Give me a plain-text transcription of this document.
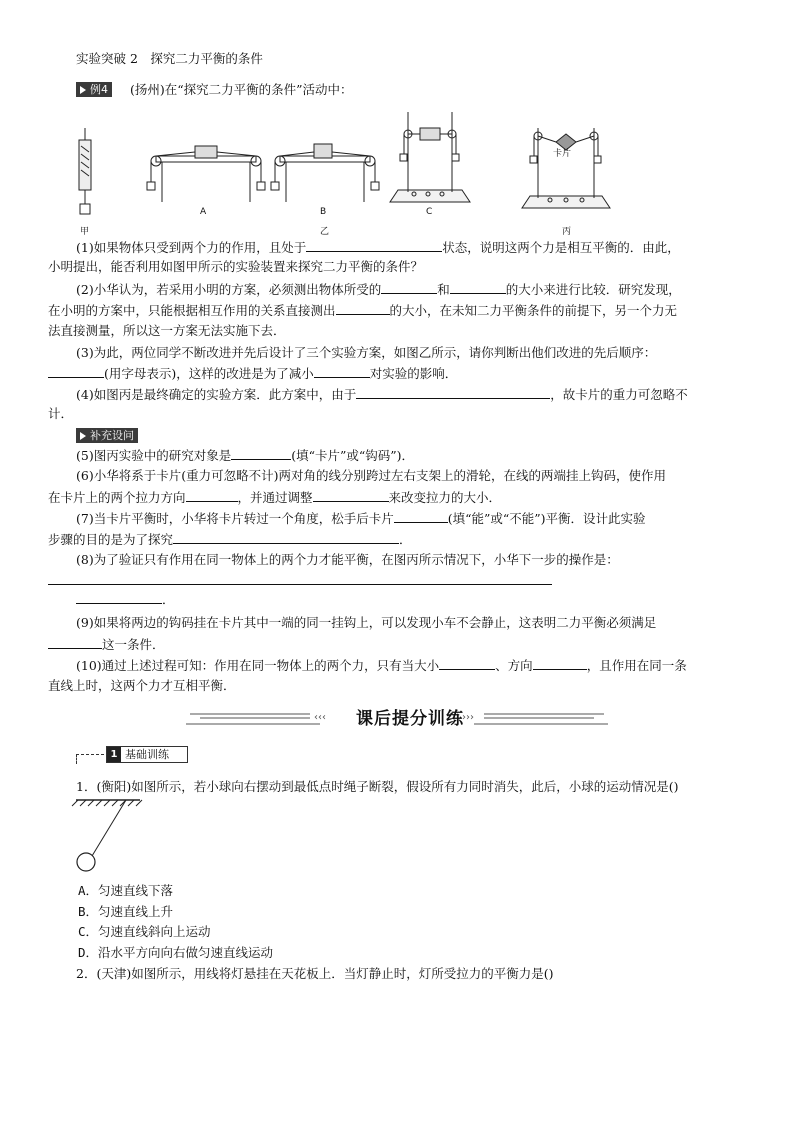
实验突破 2　探究二力平衡的条件
例4	(扬州)在“探究二力平衡的条件”活动中：
A	B	C
卡片
甲	乙	丙
(1)如果物体只受到两个力的作用，且处于	状态，说明这两个力是相互平衡的．由此，
小明提出，能否利用如图甲所示的实验装置来探究二力平衡的条件？
(2)小华认为，若采用小明的方案，必须测出物体所受的	和	的大小来进行比较．研究发现，
在小明的方案中，只能根据相互作用的关系直接测出	的大小，在未知二力平衡条件的前提下，另一个力无
法直接测量，所以这一方案无法实施下去．
(3)为此，两位同学不断改进并先后设计了三个实验方案，如图乙所示，请你判断出他们改进的先后顺序：
(用字母表示)，这样的改进是为了减小	对实验的影响．
(4)如图丙是最终确定的实验方案．此方案中，由于	，故卡片的重力可忽略不
计．
补充设问
(5)图丙实验中的研究对象是	(填“卡片”或“钩码”)．
(6)小华将系于卡片(重力可忽略不计)两对角的线分别跨过左右支架上的滑轮，在线的两端挂上钩码，使作用
在卡片上的两个拉力方向	，并通过调整	来改变拉力的大小．
(7)当卡片平衡时，小华将卡片转过一个角度，松手后卡片	(填“能”或“不能”)平衡．设计此实验
步骤的目的是为了探究	．
(8)为了验证只有作用在同一物体上的两个力才能平衡，在图丙所示情况下，小华下一步的操作是：
．
(9)如果将两边的钩码挂在卡片其中一端的同一挂钩上，可以发现小车不会静止，这表明二力平衡必须满足
这一条件．
(10)通过上述过程可知：作用在同一物体上的两个力，只有当大小	、方向	，且作用在同一条
直线上时，这两个力才互相平衡．
‹‹‹	›››
课后提分训练
1 基础训练
1．(衡阳)如图所示，若小球向右摆动到最低点时绳子断裂，假设所有力同时消失，此后，小球的运动情况是()
A．匀速直线下落
B．匀速直线上升
C．匀速直线斜向上运动
D．沿水平方向向右做匀速直线运动
2．(天津)如图所示，用线将灯悬挂在天花板上．当灯静止时，灯所受拉力的平衡力是()
